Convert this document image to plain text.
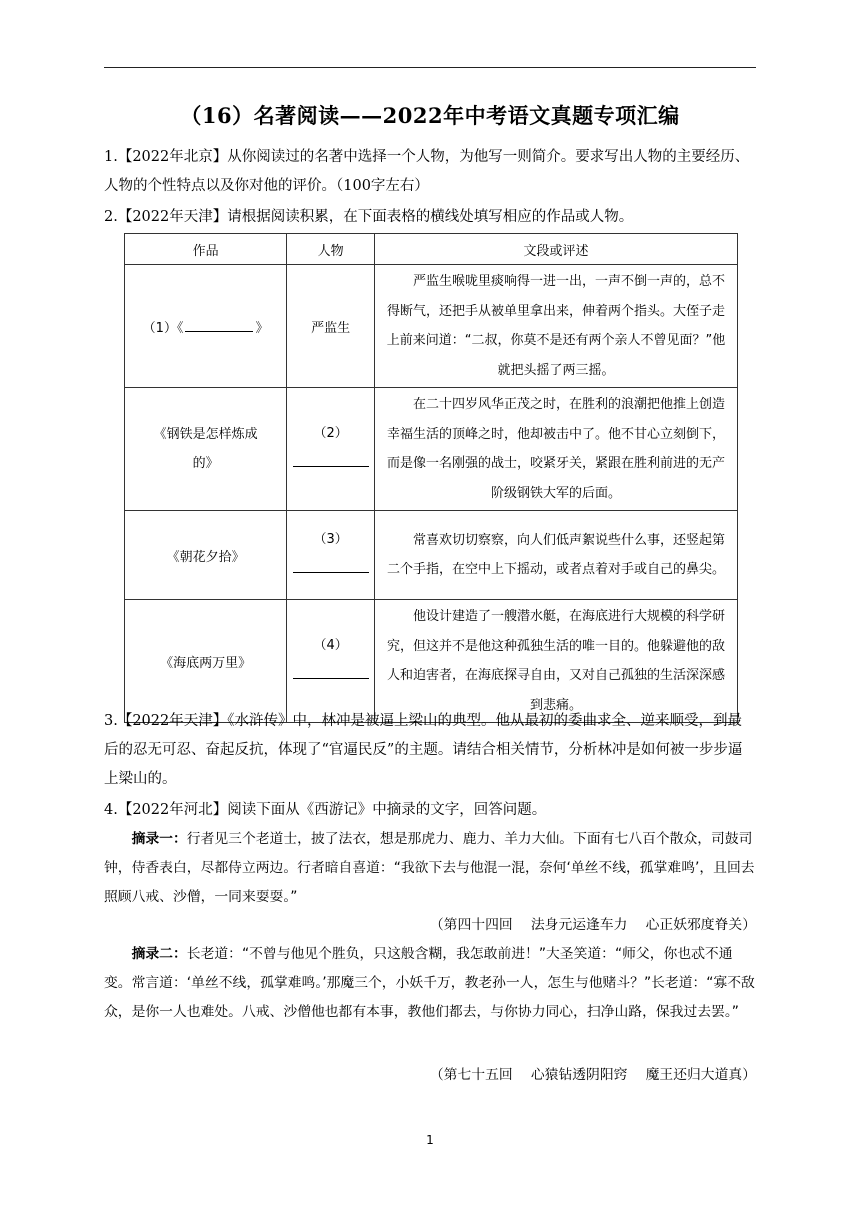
（16）名著阅读——2022年中考语文真题专项汇编
1.【2022年北京】从你阅读过的名著中选择一个人物，为他写一则简介。要求写出人物的主要经历、人物的个性特点以及你对他的评价。（100字左右）
2.【2022年天津】请根据阅读积累，在下面表格的横线处填写相应的作品或人物。
作品	人物	文段或评述
（1）《 》	严监生	严监生喉咙里痰响得一进一出，一声不倒一声的，总不得断气，还把手从被单里拿出来，伸着两个指头。大侄子走上前来问道：“二叔，你莫不是还有两个亲人不曾见面？”他就把头摇了两三摇。

《钢铁是怎样炼成的》	（2）	在二十四岁风华正茂之时，在胜利的浪潮把他推上创造幸福生活的顶峰之时，他却被击中了。他不甘心立刻倒下，而是像一名刚强的战士，咬紧牙关，紧跟在胜利前进的无产阶级钢铁大军的后面。

《朝花夕拾》	（3）	常喜欢切切察察，向人们低声絮说些什么事，还竖起第二个手指，在空中上下摇动，或者点着对手或自己的鼻尖。

《海底两万里》	（4）	他设计建造了一艘潜水艇，在海底进行大规模的科学研究，但这并不是他这种孤独生活的唯一目的。他躲避他的敌人和迫害者，在海底探寻自由，又对自己孤独的生活深深感到悲痛。
3.【2022年天津】《水浒传》中，林冲是被逼上梁山的典型。他从最初的委曲求全、逆来顺受，到最后的忍无可忍、奋起反抗，体现了“官逼民反”的主题。请结合相关情节，分析林冲是如何被一步步逼上梁山的。
4.【2022年河北】阅读下面从《西游记》中摘录的文字，回答问题。
摘录一：行者见三个老道士，披了法衣，想是那虎力、鹿力、羊力大仙。下面有七八百个散众，司鼓司钟，侍香表白，尽都侍立两边。行者暗自喜道：“我欲下去与他混一混，奈何‘单丝不线，孤掌难鸣’，且回去照顾八戒、沙僧，一同来耍耍。”
（第四十四回　 法身元运逢车力　 心正妖邪度脊关）
摘录二：长老道：“不曾与他见个胜负，只这般含糊，我怎敢前进！”大圣笑道：“师父，你也忒不通变。常言道：‘单丝不线，孤掌难鸣。’那魔三个，小妖千万，教老孙一人，怎生与他赌斗？”长老道：“寡不敌众，是你一人也难处。八戒、沙僧他也都有本事，教他们都去，与你协力同心，扫净山路，保我过去罢。”
（第七十五回　 心猿钻透阴阳窍　 魔王还归大道真）
1
